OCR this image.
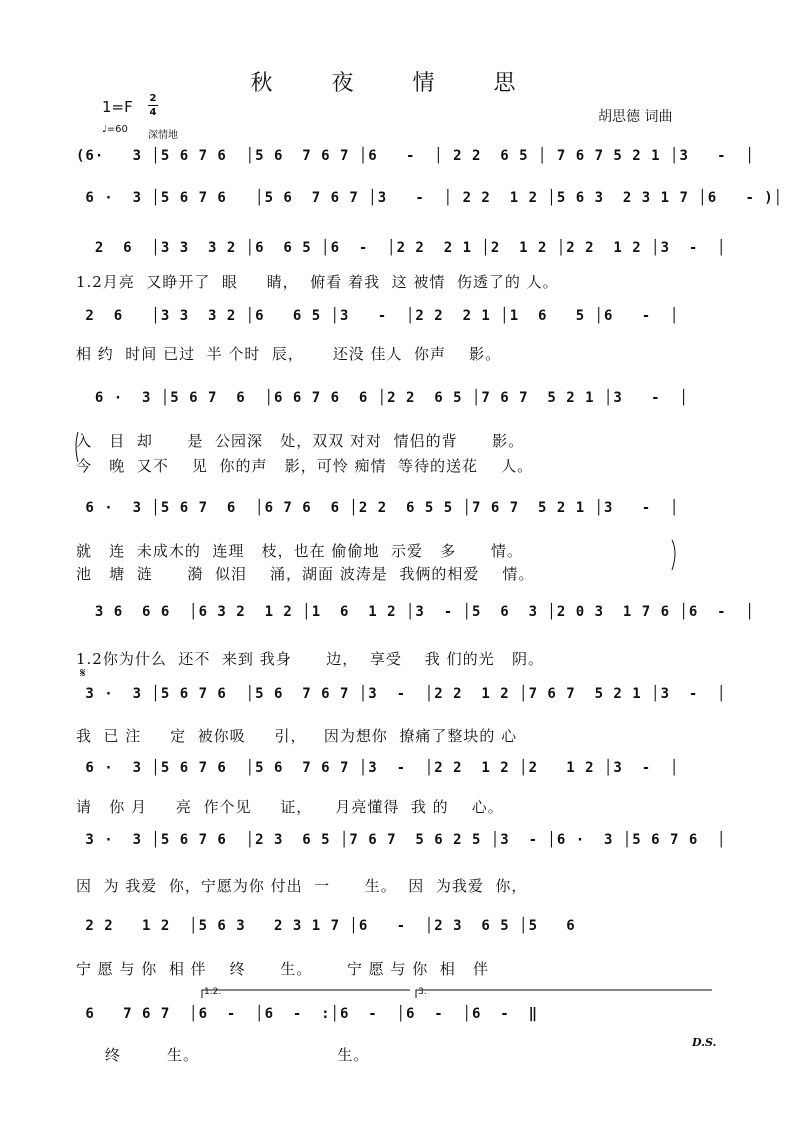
秋 夜 情 思
胡思德 词曲
1=F 2
4
♩=60
深情地
(6·   3 │5 6 7 6  │5 6  7 6 7 │6   -  │ 2 2  6 5 │ 7 6 7 5 2 1 │3   -  │
6 ·  3 │5 6 7 6   │5 6  7 6 7 │3   -  │ 2 2  1 2 │5 6 3  2 3 1 7 │6   - )│
2  6  │3 3  3 2 │6  6 5 │6  -  │2 2  2 1 │2  1 2 │2 2  1 2 │3  -  │
1.2月亮  又睁开了  眼     睛，  俯看 着我  这 被情  伤透了的 人。
2  6   │3 3  3 2 │6   6 5 │3   -  │2 2  2 1 │1  6   5 │6   -  │
相 约  时间 已过  半 个时  辰，     还没 佳人  你声    影。
6 ·  3 │5 6 7  6  │6 6 7 6  6 │2 2  6 5 │7 6 7  5 2 1 │3   -  │
入   目  却      是  公园深   处，双双 对对  情侣的背      影。
今   晚  又不    见  你的声   影，可怜 痴情  等待的送花    人。
6 ·  3 │5 6 7  6  │6 7 6  6 │2 2  6 5 5 │7 6 7  5 2 1 │3   -  │
就   连  未成木的  连理   枝，也在 偷偷地  示爱   多      情。
池   塘  涟      漪  似泪    涌，湖面 波涛是  我俩的相爱    情。
3 6  6 6  │6 3 2  1 2 │1  6  1 2 │3  - │5  6  3 │2 0 3  1 7 6 │6  -  │
1.2你为什么  还不  来到 我身      边，  享受    我 们的光   阴。
𝄋
3 ·  3 │5 6 7 6  │5 6  7 6 7 │3  -  │2 2  1 2 │7 6 7  5 2 1 │3  -  │
我  已 注     定  被你吸     引，   因为想你  撩痛了整块的 心
6 ·  3 │5 6 7 6  │5 6  7 6 7 │3  -  │2 2  1 2 │2   1 2 │3  -  │
请   你 月     亮  作个见     证，    月亮懂得  我 的    心。
3 ·  3 │5 6 7 6  │2 3  6 5 │7 6 7  5 6 2 5 │3  - │6 ·  3 │5 6 7 6  │
因  为 我爱  你，宁愿为你 付出  一      生。  因  为我爱  你，
2 2   1 2  │5 6 3   2 3 1 7 │6   -  │2 3  6 5 │5   6
宁 愿 与 你  相 伴    终      生。      宁 愿 与 你  相   伴
1.2.	3.
6   7 6 7  │6  -  │6  -  :│6  -  │6  -  │6  -  ‖
终        生。                        生。
D.S.
